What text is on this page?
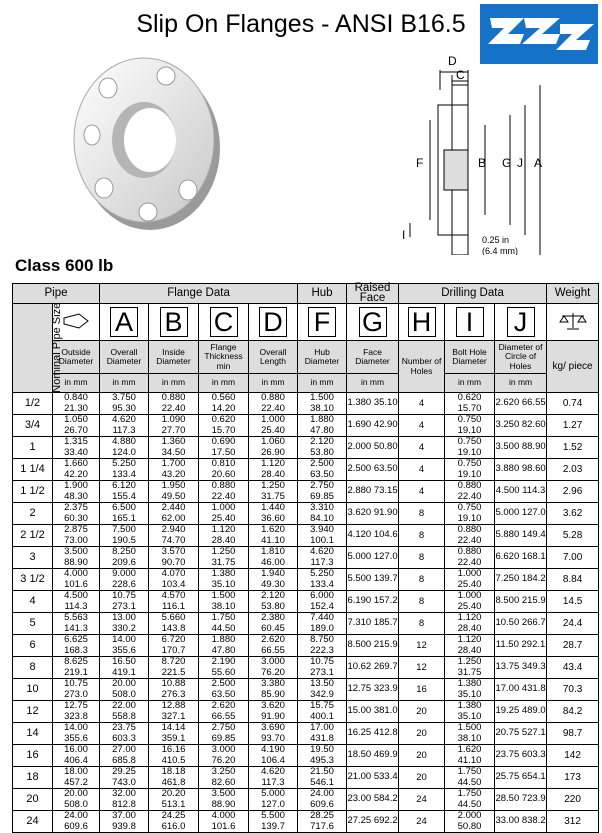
Slip On Flanges - ANSI B16.5
D
C
F	B G J A
I	0.25 in
(6.4 mm)
Class 600 lb
Pipe		Flange Data				Hub	Raised Face	Drilling Data			Weight
Nominal Pipe Size		A	B	C	D	F	G	H	I	J	
	Outside Diameter	Overall Diameter	Inside Diameter	Flange Thickness min	Overall Length	Hub Diameter	Face Diameter	Number of Holes	Bolt Hole Diameter	Diameter of Circle of Holes	kg/ piece
	in mm	in mm	in mm	in mm	in mm	in mm	in mm		in mm	in mm	
1/2	0.840 21.30	3.750 95.30	0.880 22.40	0.560 14.20	0.880 22.40	1.500 38.10	1.380 35.10	4	0.620 15.70	2.620 66.55	0.74
3/4	1.050 26.70	4.620 117.3	1.090 27.70	0.620 15.70	1.000 25.40	1.880 47.80	1.690 42.90	4	0.750 19.10	3.250 82.60	1.27
1	1.315 33.40	4.880 124.0	1.360 34.50	0.690 17.50	1.060 26.90	2.120 53.80	2.000 50.80	4	0.750 19.10	3.500 88.90	1.52
1 1/4	1.660 42.20	5.250 133.4	1.700 43.20	0.810 20.60	1.120 28.40	2.500 63.50	2.500 63.50	4	0.750 19.10	3.880 98.60	2.03
1 1/2	1.900 48.30	6.120 155.4	1.950 49.50	0.880 22.40	1.250 31.75	2.750 69.85	2.880 73.15	4	0.880 22.40	4.500 114.3	2.96
2	2.375 60.30	6.500 165.1	2.440 62.00	1.000 25.40	1.440 36.60	3.310 84.10	3.620 91.90	8	0.750 19.10	5.000 127.0	3.62
2 1/2	2.875 73.00	7.500 190.5	2.940 74.70	1.120 28.40	1.620 41.10	3.940 100.1	4.120 104.6	8	0.880 22.40	5.880 149.4	5.28
3	3.500 88.90	8.250 209.6	3.570 90.70	1.250 31.75	1.810 46.00	4.620 117.3	5.000 127.0	8	0.880 22.40	6.620 168.1	7.00
3 1/2	4.000 101.6	9.000 228.6	4.070 103.4	1.380 35.10	1.940 49.30	5.250 133.4	5.500 139.7	8	1.000 25.40	7.250 184.2	8.84
4	4.500 114.3	10.75 273.1	4.570 116.1	1.500 38.10	2.120 53.80	6.000 152.4	6.190 157.2	8	1.000 25.40	8.500 215.9	14.5
5	5.563 141.3	13.00 330.2	5.660 143.8	1.750 44.50	2.380 60.45	7.440 189.0	7.310 185.7	8	1.120 28.40	10.50 266.7	24.4
6	6.625 168.3	14.00 355.6	6.720 170.7	1.880 47.80	2.620 66.55	8.750 222.3	8.500 215.9	12	1.120 28.40	11.50 292.1	28.7
8	8.625 219.1	16.50 419.1	8.720 221.5	2.190 55.60	3.000 76.20	10.75 273.1	10.62 269.7	12	1.250 31.75	13.75 349.3	43.4
10	10.75 273.0	20.00 508.0	10.88 276.3	2.500 63.50	3.380 85.90	13.50 342.9	12.75 323.9	16	1.380 35.10	17.00 431.8	70.3
12	12.75 323.8	22.00 558.8	12.88 327.1	2.620 66.55	3.620 91.90	15.75 400.1	15.00 381.0	20	1.380 35.10	19.25 489.0	84.2
14	14.00 355.6	23.75 603.3	14.14 359.1	2.750 69.85	3.690 93.70	17.00 431.8	16.25 412.8	20	1.500 38.10	20.75 527.1	98.7
16	16.00 406.4	27.00 685.8	16.16 410.5	3.000 76.20	4.190 106.4	19.50 495.3	18.50 469.9	20	1.620 41.10	23.75 603.3	142
18	18.00 457.2	29.25 743.0	18.18 461.8	3.250 82.60	4.620 117.3	21.50 546.1	21.00 533.4	20	1.750 44.50	25.75 654.1	173
20	20.00 508.0	32.00 812.8	20.20 513.1	3.500 88.90	5.000 127.0	24.00 609.6	23.00 584.2	24	1.750 44.50	28.50 723.9	220
24	24.00 609.6	37.00 939.8	24.25 616.0	4.000 101.6	5.500 139.7	28.25 717.6	27.25 692.2	24	2.000 50.80	33.00 838.2	312
